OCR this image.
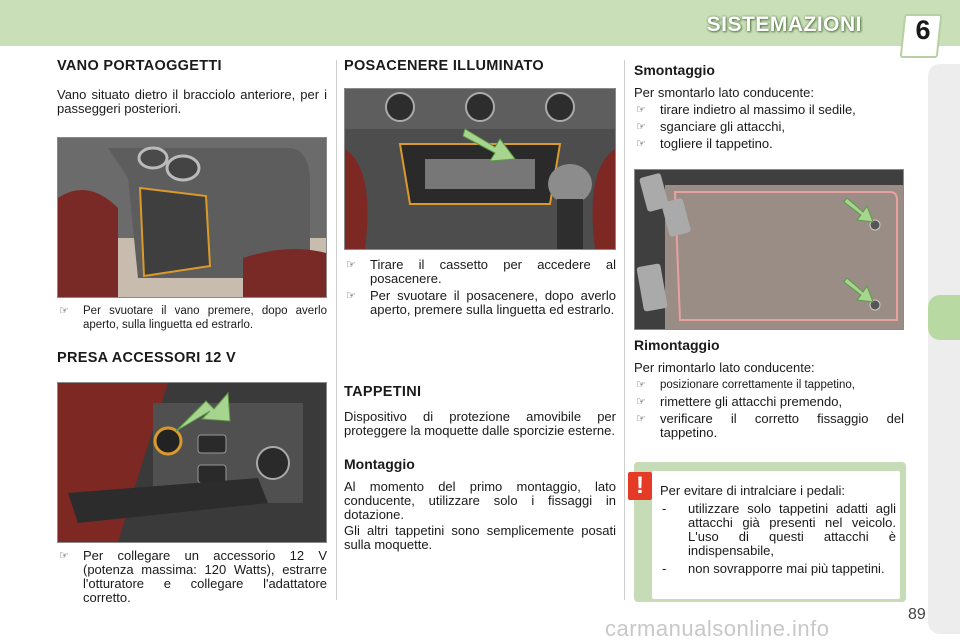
SISTEMAZIONI	6
VANO PORTAOGGETTI

Vano situato dietro il bracciolo anteriore, per i passeggeri posteriori.

☞	Per svuotare il vano premere, dopo averlo aperto, sulla linguetta ed estrarlo.
PRESA ACCESSORI 12 V
☞	Per collegare un accessorio 12 V (potenza massima: 120 Watts), estrarre l'otturatore e collegare l'adattatore corretto.
POSACENERE ILLUMINATO
☞	Tirare il cassetto per accedere al posacenere.
☞	Per svuotare il posacenere, dopo averlo aperto, premere sulla linguetta ed estrarlo.
TAPPETINI

Dispositivo di protezione amovibile per proteggere la moquette dalle sporcizie esterne.

Montaggio

Al momento del primo montaggio, lato conducente, utilizzare solo i fissaggi in dotazione.

Gli altri tappetini sono semplicemente posati sulla moquette.

Smontaggio

Per smontarlo lato conducente:

☞	tirare indietro al massimo il sedile,
☞	sganciare gli attacchi,
☞	togliere il tappetino.
Rimontaggio

Per rimontarlo lato conducente:

☞	posizionare correttamente il tappetino,
☞	rimettere gli attacchi premendo,
☞	verificare il corretto fissaggio del tappetino.
!	Per evitare di intralciare i pedali:

-	utilizzare solo tappetini adatti agli attacchi già presenti nel veicolo. L'uso di questi attacchi è indispensabile,
-	non sovrapporre mai più tappetini.
89
carmanualsonline.info
